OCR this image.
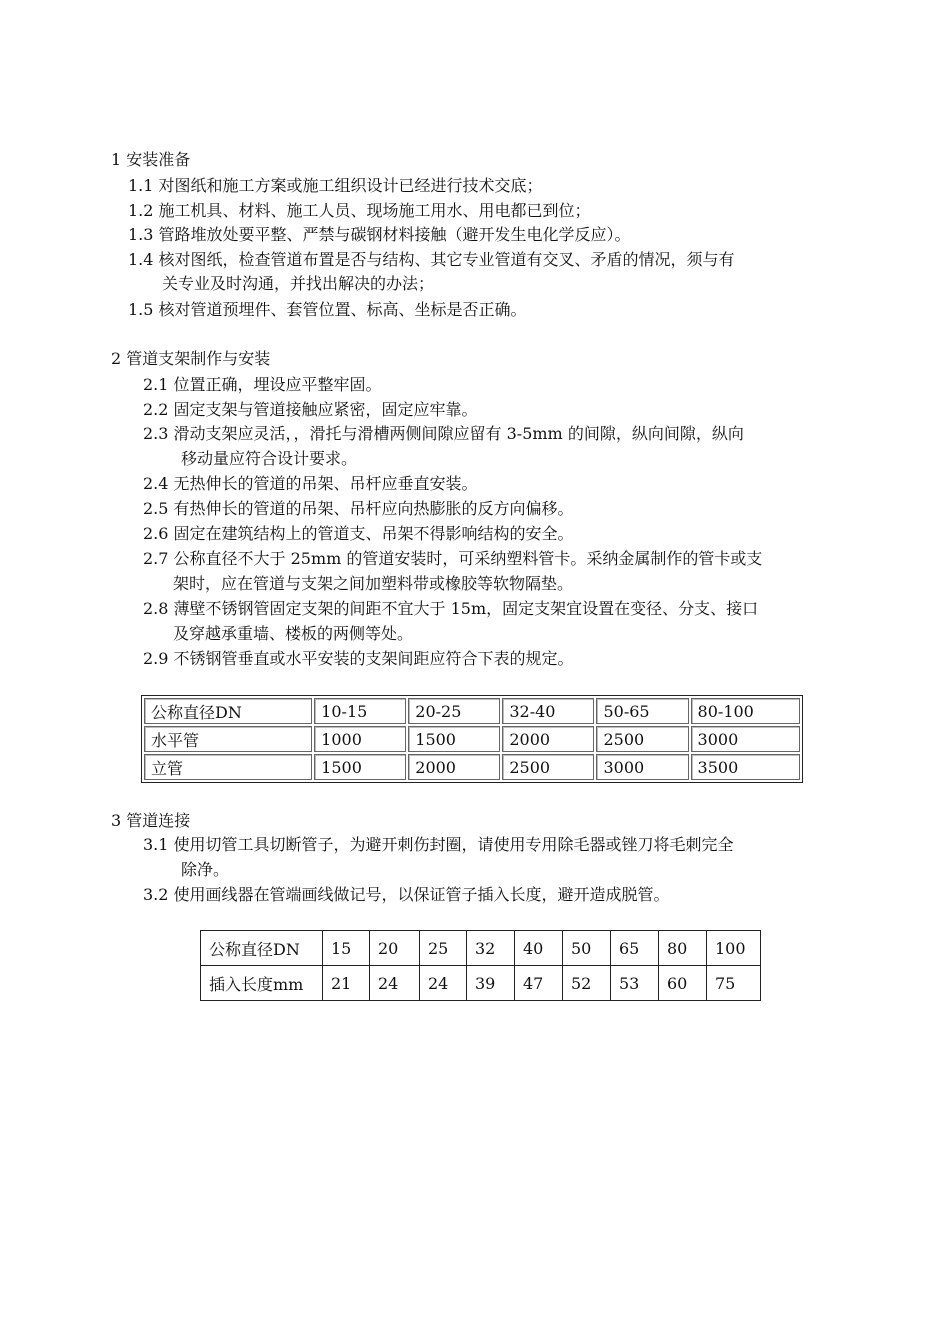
1 安装准备
1.1 对图纸和施工方案或施工组织设计已经进行技术交底；
1.2 施工机具、材料、施工人员、现场施工用水、用电都已到位；
1.3 管路堆放处要平整、严禁与碳钢材料接触（避开发生电化学反应）。
1.4 核对图纸，检查管道布置是否与结构、其它专业管道有交叉、矛盾的情况，须与有
关专业及时沟通，并找出解决的办法；
1.5 核对管道预埋件、套管位置、标高、坐标是否正确。
2 管道支架制作与安装
2.1 位置正确，埋设应平整牢固。
2.2 固定支架与管道接触应紧密，固定应牢靠。
2.3 滑动支架应灵活，，滑托与滑槽两侧间隙应留有 3-5mm 的间隙，纵向间隙，纵向
移动量应符合设计要求。
2.4 无热伸长的管道的吊架、吊杆应垂直安装。
2.5 有热伸长的管道的吊架、吊杆应向热膨胀的反方向偏移。
2.6 固定在建筑结构上的管道支、吊架不得影响结构的安全。
2.7 公称直径不大于 25mm 的管道安装时，可采纳塑料管卡。采纳金属制作的管卡或支
架时，应在管道与支架之间加塑料带或橡胶等软物隔垫。
2.8 薄壁不锈钢管固定支架的间距不宜大于 15m，固定支架宜设置在变径、分支、接口
及穿越承重墙、楼板的两侧等处。
2.9 不锈钢管垂直或水平安装的支架间距应符合下表的规定。
公称直径DN	10-15	20-25	32-40	50-65	80-100
水平管	1000	1500	2000	2500	3000
立管	1500	2000	2500	3000	3500
3 管道连接
3.1 使用切管工具切断管子，为避开刺伤封圈，请使用专用除毛器或锉刀将毛刺完全
除净。
3.2 使用画线器在管端画线做记号，以保证管子插入长度，避开造成脱管。
公称直径DN	15	20	25	32	40	50	65	80	100
插入长度mm	21	24	24	39	47	52	53	60	75
